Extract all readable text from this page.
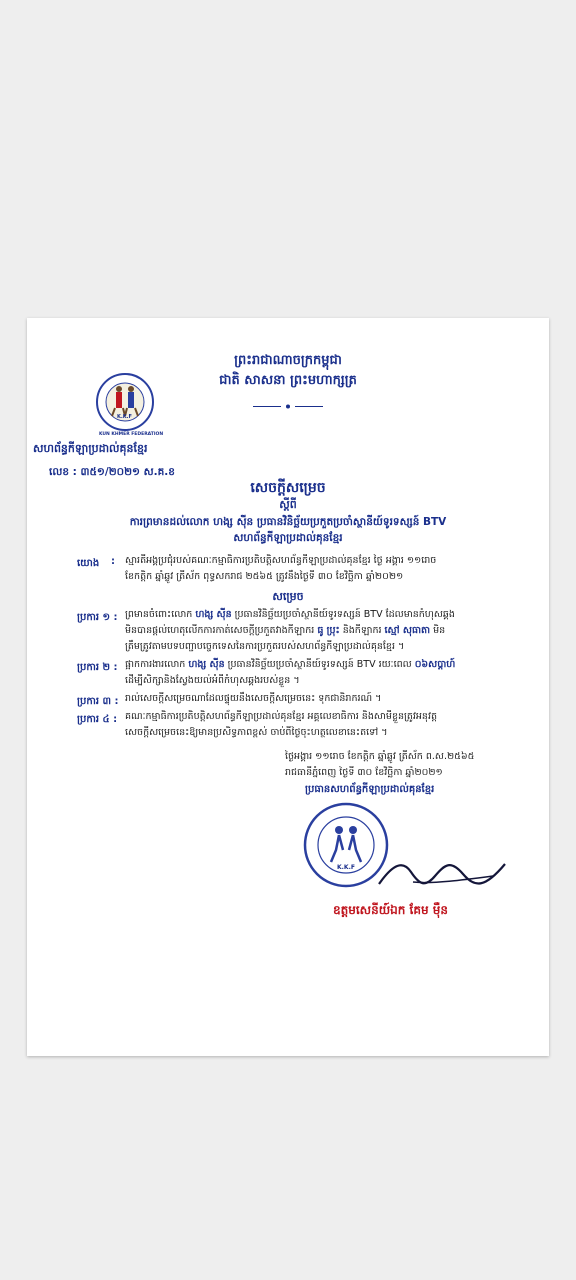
ព្រះរាជាណាចក្រកម្ពុជា
ជាតិ សាសនា ព្រះមហាក្សត្រ
K.K.F
KUN KHMER FEDERATION
សហព័ន្ធកីឡាប្រដាល់គុនខ្មែរ
លេខ : ៣៥១/២០២១ ស.គ.ខ
សេចក្ដីសម្រេច
ស្ដីពី
ការព្រមានដល់លោក ហង្ស ស៊ីន ប្រធានវិនិច្ឆ័យប្រកួតប្រចាំស្ថានីយ៍ទូរទស្សន៍ BTV
សហព័ន្ធកីឡាប្រដាល់គុនខ្មែរ
យោង : ស្មារតីអង្គប្រជុំរបស់គណៈកម្មាធិការប្រតិបត្តិសហព័ន្ធកីឡាប្រដាល់គុនខ្មែរ ថ្ងៃ អង្គារ ១១រោច
ខែកត្តិក ឆ្នាំឆ្លូវ ត្រីស័ក ពុទ្ធសករាជ ២៥៦៥ ត្រូវនឹងថ្ងៃទី ៣០ ខែវិច្ឆិកា ឆ្នាំ២០២១
សម្រេច
ប្រការ ១ : ព្រមានចំពោះលោក ហង្ស ស៊ីន ប្រធានវិនិច្ឆ័យប្រចាំស្ថានីយ៍ទូរទស្សន៍ BTV ដែលមានកំហុសឆ្គង
មិនបានផ្ដល់ហេតុលើកការកាត់សេចក្ដីប្រកួតវាងកីឡាករ ធូ ប្រុះ និងកីឡាករ ស្មៅ សុធាតា មិន
ត្រឹមត្រូវតាមបទបញ្ជាបច្ចេកទេសនៃការប្រកួតរបស់សហព័ន្ធកីឡាប្រដាល់គុនខ្មែរ ។
ប្រការ ២ : ផ្អាកការងារលោក ហង្ស ស៊ីន ប្រធានវិនិច្ឆ័យប្រចាំស្ថានីយ៍ទូរទស្សន៍ BTV រយៈពេល ០៦សប្ដាហ៍
ដើម្បីសិក្សានិងស្វែងយល់អំពីកំហុសឆ្គងរបស់ខ្លួន ។
ប្រការ ៣ : រាល់សេចក្ដីសម្រេចណាដែលផ្ទុយនឹងសេចក្ដីសម្រេចនេះ ទុកជានិរាករណ៍ ។
ប្រការ ៤ : គណៈកម្មាធិការប្រតិបត្តិសហព័ន្ធកីឡាប្រដាល់គុនខ្មែរ អគ្គលេខាធិការ និងសាមីខ្លួនត្រូវអនុវត្ត
សេចក្ដីសម្រេចនេះឱ្យមានប្រសិទ្ធភាពខ្ពស់ ចាប់ពីថ្ងៃចុះហត្ថលេខានេះតទៅ ។
ថ្ងៃអង្គារ ១១រោច ខែកត្តិក ឆ្នាំឆ្លូវ ត្រីស័ក ព.ស.២៥៦៥
រាជធានីភ្នំពេញ ថ្ងៃទី ៣០ ខែវិច្ឆិកា ឆ្នាំ២០២១
ប្រធានសហព័ន្ធកីឡាប្រដាល់គុនខ្មែរ
K.K.F
ឧត្ដមសេនីយ៍ឯក គែម ម៉ឺន
